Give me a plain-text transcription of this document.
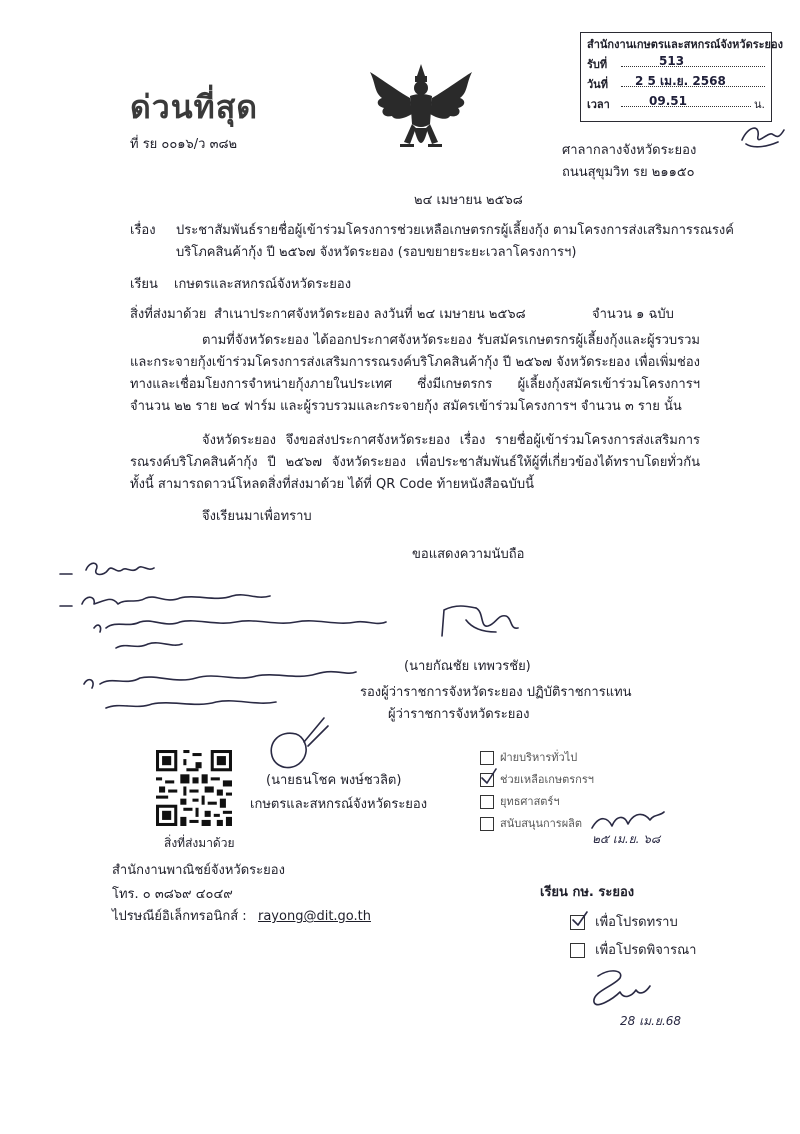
สำนักงานเกษตรและสหกรณ์จังหวัดระยอง
รับที่	513
วันที่ 2 5 เม.ย. 2568
เวลา	09.51	น.
ด่วนที่สุด
ที่ รย ๐๐๑๖/ว ๓๘๒	ศาลากลางจังหวัดระยอง
ถนนสุขุมวิท รย ๒๑๑๕๐
๒๔ เมษายน ๒๕๖๘
เรื่อง ประชาสัมพันธ์รายชื่อผู้เข้าร่วมโครงการช่วยเหลือเกษตรกรผู้เลี้ยงกุ้ง ตามโครงการส่งเสริมการรณรงค์
บริโภคสินค้ากุ้ง ปี ๒๕๖๗ จังหวัดระยอง (รอบขยายระยะเวลาโครงการฯ)
เรียน เกษตรและสหกรณ์จังหวัดระยอง
สิ่งที่ส่งมาด้วย สำเนาประกาศจังหวัดระยอง ลงวันที่ ๒๔ เมษายน ๒๕๖๘	จำนวน ๑ ฉบับ
ตามที่จังหวัดระยอง ได้ออกประกาศจังหวัดระยอง รับสมัครเกษตรกรผู้เลี้ยงกุ้งและผู้รวบรวมและกระจายกุ้งเข้าร่วมโครงการส่งเสริมการรณรงค์บริโภคสินค้ากุ้ง ปี ๒๕๖๗ จังหวัดระยอง เพื่อเพิ่มช่องทางและเชื่อมโยงการจำหน่ายกุ้งภายในประเทศ ซึ่งมีเกษตรกร ผู้เลี้ยงกุ้งสมัครเข้าร่วมโครงการฯ จำนวน ๒๒ ราย ๒๔ ฟาร์ม และผู้รวบรวมและกระจายกุ้ง สมัครเข้าร่วมโครงการฯ จำนวน ๓ ราย นั้น
จังหวัดระยอง จึงขอส่งประกาศจังหวัดระยอง เรื่อง รายชื่อผู้เข้าร่วมโครงการส่งเสริมการรณรงค์บริโภคสินค้ากุ้ง ปี ๒๕๖๗ จังหวัดระยอง เพื่อประชาสัมพันธ์ให้ผู้ที่เกี่ยวข้องได้ทราบโดยทั่วกัน ทั้งนี้ สามารถดาวน์โหลดสิ่งที่ส่งมาด้วย ได้ที่ QR Code ท้ายหนังสือฉบับนี้
จึงเรียนมาเพื่อทราบ
ขอแสดงความนับถือ
(นายกัณชัย เทพวรชัย)
รองผู้ว่าราชการจังหวัดระยอง ปฏิบัติราชการแทน
ผู้ว่าราชการจังหวัดระยอง
(นายธนโชค พงษ์ชวลิต)
เกษตรและสหกรณ์จังหวัดระยอง
สิ่งที่ส่งมาด้วย
ฝ่ายบริหารทั่วไป
ช่วยเหลือเกษตรกรฯ
ยุทธศาสตร์ฯ
สนับสนุนการผลิต
๒๕ เม.ย. ๖๘
สำนักงานพาณิชย์จังหวัดระยอง
โทร. ๐ ๓๘๖๙ ๔๐๔๙
ไปรษณีย์อิเล็กทรอนิกส์ : rayong@dit.go.th
เรียน กษ. ระยอง
เพื่อโปรดทราบ
เพื่อโปรดพิจารณา
28 เม.ย.68
